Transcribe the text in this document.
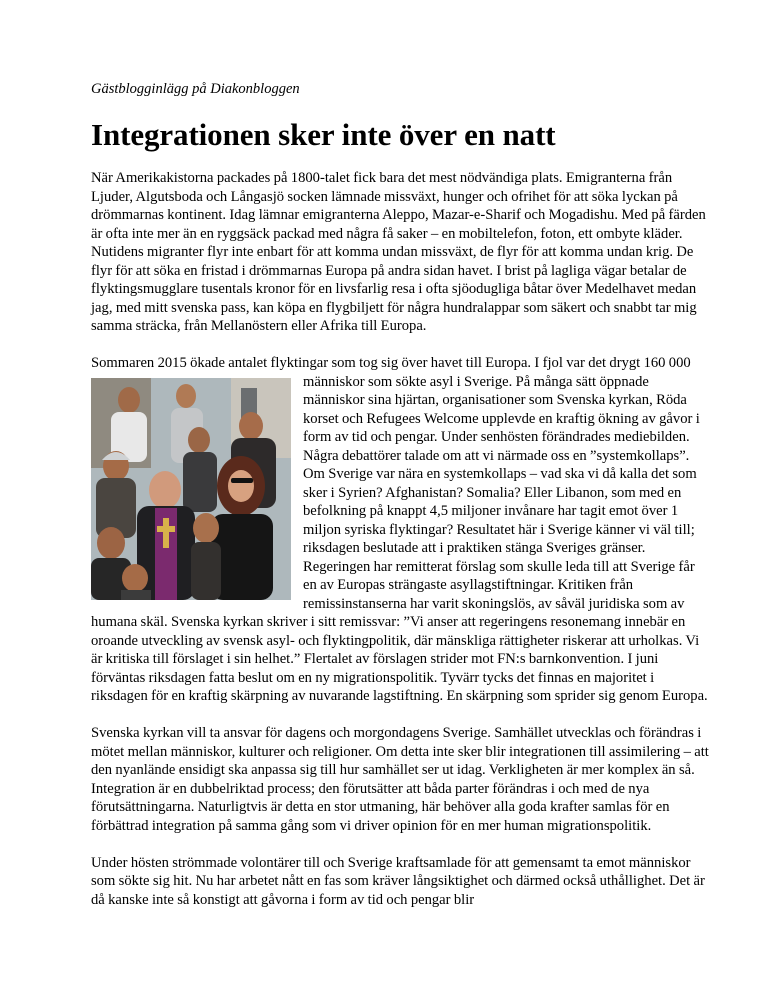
Gästblogginlägg på Diakonbloggen
Integrationen sker inte över en natt

När Amerikakistorna packades på 1800-talet fick bara det mest nödvändiga plats. Emigranterna från Ljuder, Algutsboda och Långasjö socken lämnade missväxt, hunger och ofrihet för att söka lyckan på drömmarnas kontinent. Idag lämnar emigranterna Aleppo, Mazar-e-Sharif och Mogadishu. Med på färden är ofta inte mer än en ryggsäck packad med några få saker – en mobiltelefon, foton, ett ombyte kläder. Nutidens migranter flyr inte enbart för att komma undan missväxt, de flyr för att komma undan krig. De flyr för att söka en fristad i drömmarnas Europa på andra sidan havet. I brist på lagliga vägar betalar de flyktingsmugglare tusentals kronor för en livsfarlig resa i ofta sjöodugliga båtar över Medelhavet medan jag, med mitt svenska pass, kan köpa en flygbiljett för några hundralappar som säkert och snabbt tar mig samma sträcka, från Mellanöstern eller Afrika till Europa.

Sommaren 2015 ökade antalet flyktingar som tog sig över havet till Europa. I fjol var det drygt 160 000 människor som sökte asyl i Sverige. På många sätt öppnade människor sina hjärtan, organisationer som Svenska kyrkan, Röda korset och Refugees Welcome upplevde en kraftig ökning av gåvor i form av tid och pengar. Under senhösten förändrades mediebilden. Några debattörer talade om att vi närmade oss en ”systemkollaps”. Om Sverige var nära en systemkollaps – vad ska vi då kalla det som sker i Syrien? Afghanistan? Somalia? Eller Libanon, som med en befolkning på knappt 4,5 miljoner invånare har tagit emot över 1 miljon syriska flyktingar? Resultatet här i Sverige känner vi väl till; riksdagen beslutade att i praktiken stänga Sveriges gränser. Regeringen har remitterat förslag som skulle leda till att Sverige får en av Europas strängaste asyllagstiftningar. Kritiken från remissinstanserna har varit skoningslös, av såväl juridiska som av humana skäl. Svenska kyrkan skriver i sitt remissvar: ”Vi anser att regeringens resonemang innebär en oroande utveckling av svensk asyl- och flyktingpolitik, där mänskliga rättigheter riskerar att urholkas. Vi är kritiska till förslaget i sin helhet.” Flertalet av förslagen strider mot FN:s barnkonvention. I juni förväntas riksdagen fatta beslut om en ny migrationspolitik. Tyvärr tycks det finnas en majoritet i riksdagen för en kraftig skärpning av nuvarande lagstiftning. En skärpning som sprider sig genom Europa.

Svenska kyrkan vill ta ansvar för dagens och morgondagens Sverige. Samhället utvecklas och förändras i mötet mellan människor, kulturer och religioner. Om detta inte sker blir integrationen till assimilering – att den nyanlände ensidigt ska anpassa sig till hur samhället ser ut idag. Verkligheten är mer komplex än så. Integration är en dubbelriktad process; den förutsätter att båda parter förändras i och med de nya förutsättningarna. Naturligtvis är detta en stor utmaning, här behöver alla goda krafter samlas för en förbättrad integration på samma gång som vi driver opinion för en mer human migrationspolitik.

Under hösten strömmade volontärer till och Sverige kraftsamlade för att gemensamt ta emot människor som sökte sig hit. Nu har arbetet nått en fas som kräver långsiktighet och därmed också uthållighet. Det är då kanske inte så konstigt att gåvorna i form av tid och pengar blir
